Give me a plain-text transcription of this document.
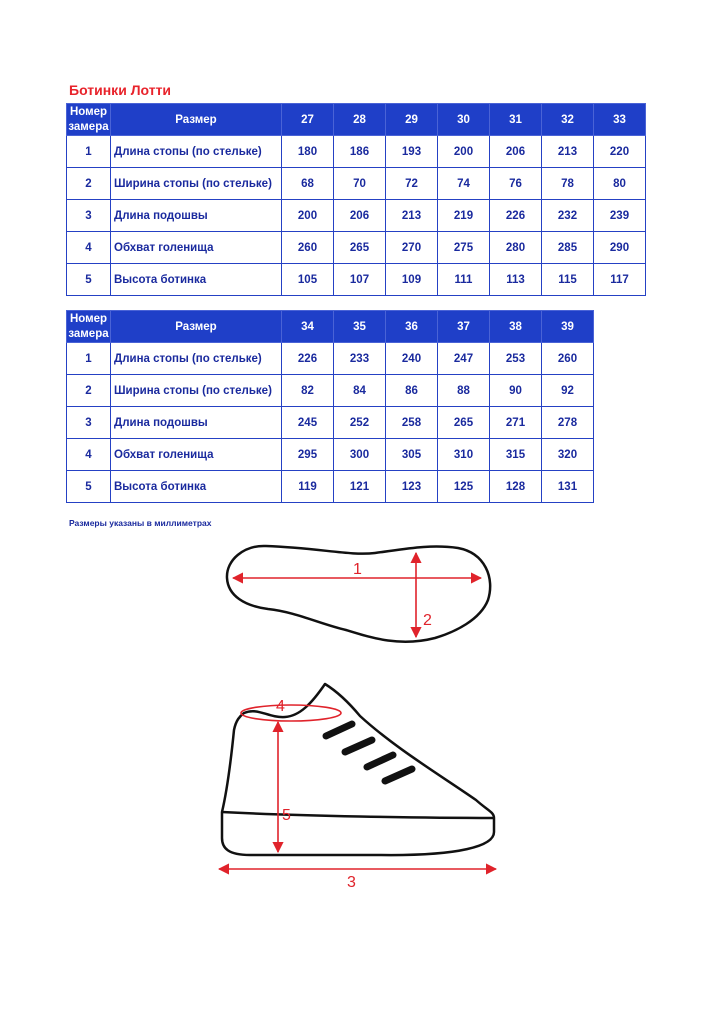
Ботинки Лотти
Номер замера	Размер	27	28	29	30	31	32	33
1	Длина стопы (по стельке)	180	186	193	200	206	213	220
2	Ширина стопы (по стельке)	68	70	72	74	76	78	80
3	Длина подошвы	200	206	213	219	226	232	239
4	Обхват голенища	260	265	270	275	280	285	290
5	Высота ботинка	105	107	109	111	113	115	117
Номер замера	Размер	34	35	36	37	38	39
1	Длина стопы (по стельке)	226	233	240	247	253	260
2	Ширина стопы (по стельке)	82	84	86	88	90	92
3	Длина подошвы	245	252	258	265	271	278
4	Обхват голенища	295	300	305	310	315	320
5	Высота ботинка	119	121	123	125	128	131
Размеры указаны в миллиметрах
1
2
4
5
3
